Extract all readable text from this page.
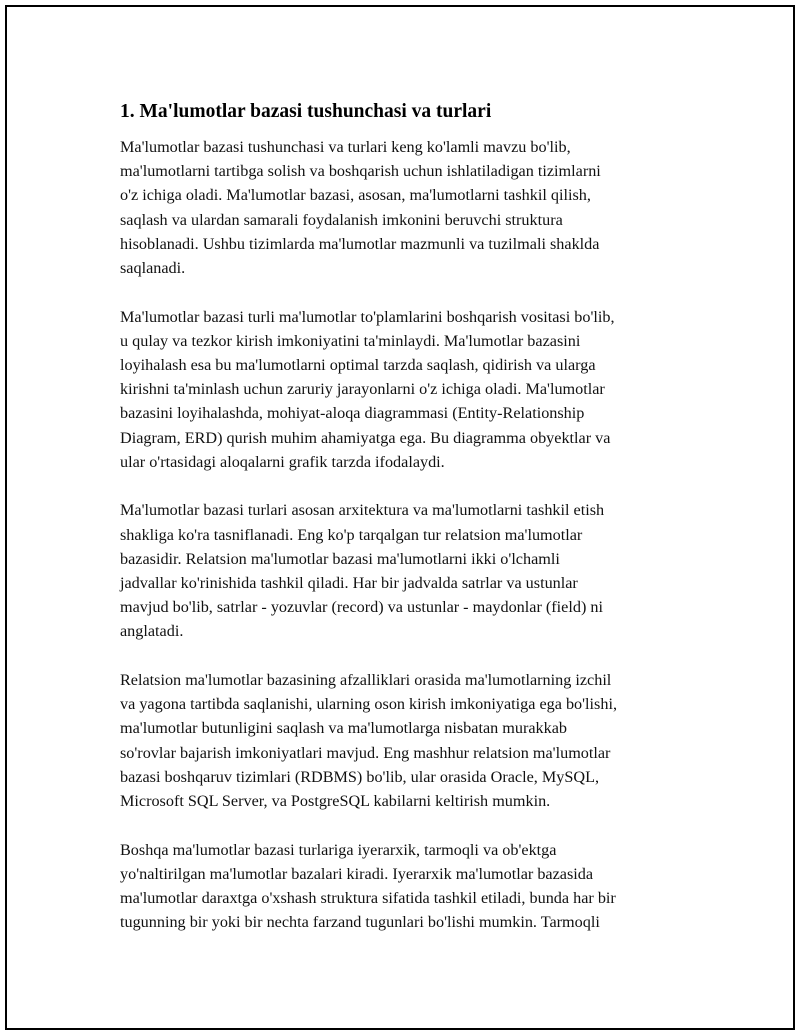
1. Ma'lumotlar bazasi tushunchasi va turlari
Ma'lumotlar bazasi tushunchasi va turlari keng ko'lamli mavzu bo'lib,
ma'lumotlarni tartibga solish va boshqarish uchun ishlatiladigan tizimlarni
o'z ichiga oladi. Ma'lumotlar bazasi, asosan, ma'lumotlarni tashkil qilish,
saqlash va ulardan samarali foydalanish imkonini beruvchi struktura
hisoblanadi. Ushbu tizimlarda ma'lumotlar mazmunli va tuzilmali shaklda
saqlanadi.
Ma'lumotlar bazasi turli ma'lumotlar to'plamlarini boshqarish vositasi bo'lib,
u qulay va tezkor kirish imkoniyatini ta'minlaydi. Ma'lumotlar bazasini
loyihalash esa bu ma'lumotlarni optimal tarzda saqlash, qidirish va ularga
kirishni ta'minlash uchun zaruriy jarayonlarni o'z ichiga oladi. Ma'lumotlar
bazasini loyihalashda, mohiyat-aloqa diagrammasi (Entity-Relationship
Diagram, ERD) qurish muhim ahamiyatga ega. Bu diagramma obyektlar va
ular o'rtasidagi aloqalarni grafik tarzda ifodalaydi.
Ma'lumotlar bazasi turlari asosan arxitektura va ma'lumotlarni tashkil etish
shakliga ko'ra tasniflanadi. Eng ko'p tarqalgan tur relatsion ma'lumotlar
bazasidir. Relatsion ma'lumotlar bazasi ma'lumotlarni ikki o'lchamli
jadvallar ko'rinishida tashkil qiladi. Har bir jadvalda satrlar va ustunlar
mavjud bo'lib, satrlar - yozuvlar (record) va ustunlar - maydonlar (field) ni
anglatadi.
Relatsion ma'lumotlar bazasining afzalliklari orasida ma'lumotlarning izchil
va yagona tartibda saqlanishi, ularning oson kirish imkoniyatiga ega bo'lishi,
ma'lumotlar butunligini saqlash va ma'lumotlarga nisbatan murakkab
so'rovlar bajarish imkoniyatlari mavjud. Eng mashhur relatsion ma'lumotlar
bazasi boshqaruv tizimlari (RDBMS) bo'lib, ular orasida Oracle, MySQL,
Microsoft SQL Server, va PostgreSQL kabilarni keltirish mumkin.
Boshqa ma'lumotlar bazasi turlariga iyerarxik, tarmoqli va ob'ektga
yo'naltirilgan ma'lumotlar bazalari kiradi. Iyerarxik ma'lumotlar bazasida
ma'lumotlar daraxtga o'xshash struktura sifatida tashkil etiladi, bunda har bir
tugunning bir yoki bir nechta farzand tugunlari bo'lishi mumkin. Tarmoqli
